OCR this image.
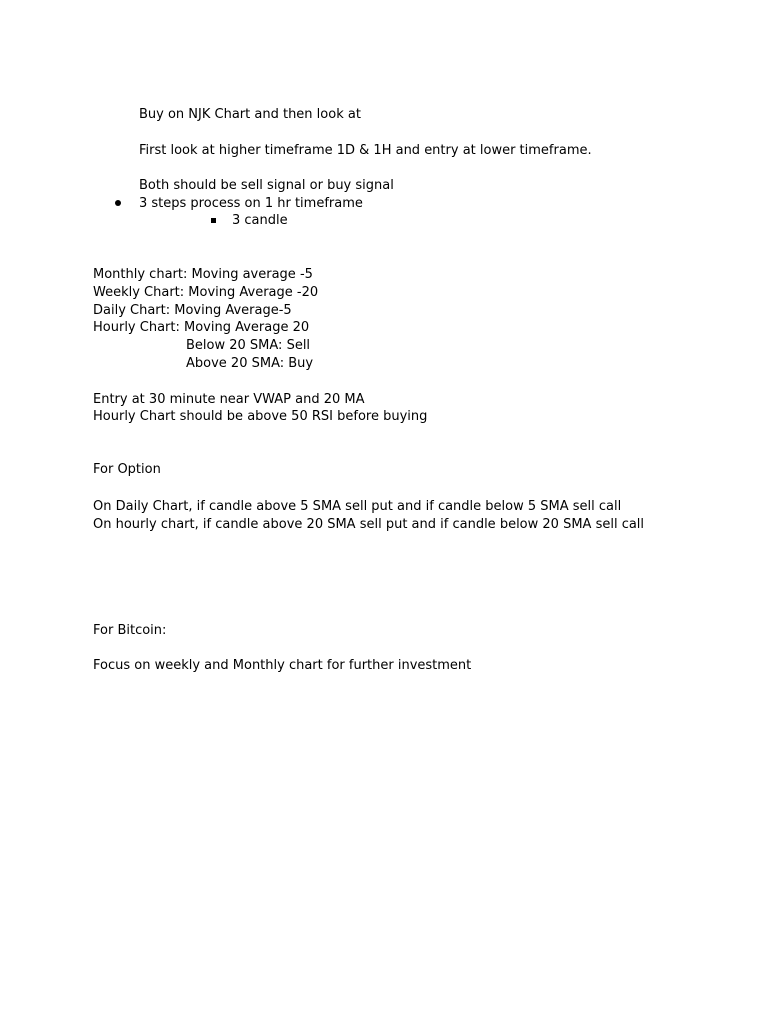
Buy on NJK Chart and then look at
First look at higher timeframe 1D & 1H and entry at lower timeframe.
Both should be sell signal or buy signal
3 steps process on 1 hr timeframe
3 candle
Monthly chart: Moving average -5
Weekly Chart: Moving Average -20
Daily Chart: Moving Average-5
Hourly Chart: Moving Average 20
Below 20 SMA: Sell
Above 20 SMA: Buy
Entry at 30 minute near VWAP and 20 MA
Hourly Chart should be above 50 RSI before buying
For Option
On Daily Chart, if candle above 5 SMA sell put and if candle below 5 SMA sell call
On hourly chart, if candle above 20 SMA sell put and if candle below 20 SMA sell call
For Bitcoin:
Focus on weekly and Monthly chart for further investment
